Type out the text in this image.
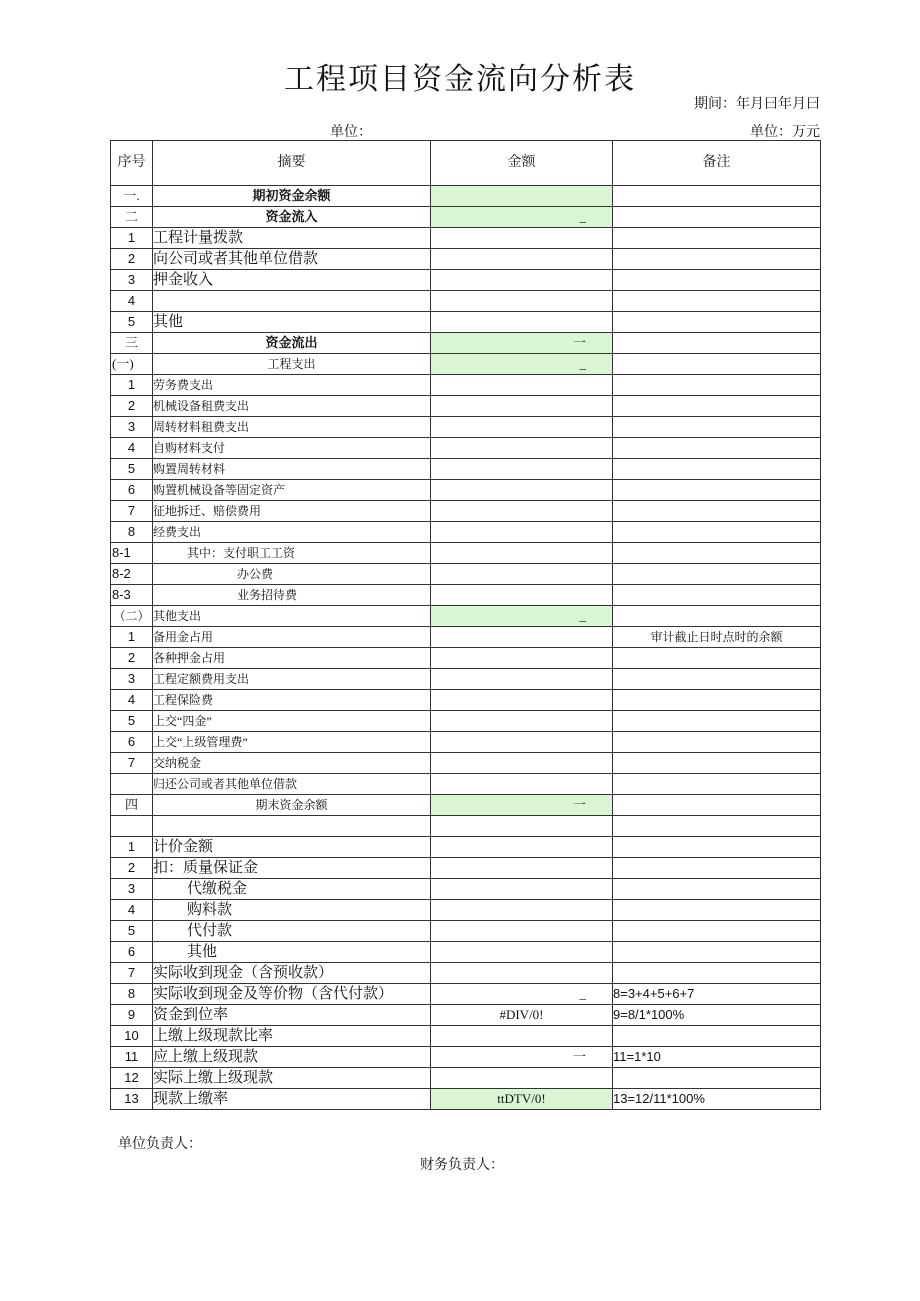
工程项目资金流向分析表
期间：年月曰年月曰
单位：	单位：万元
序号	摘要	金额	备注
一.	期初资金余额		
二	资金流入	_	
1	工程计量拨款		
2	向公司或者其他单位借款		
3	押金收入		
4			
5	其他		
三	资金流出	一	
(一)	工程支出	_	
1	劳务费支出		
2	机械设备租费支出		
3	周转材料租费支出		
4	自购材料支付		
5	购置周转材料		
6	购置机械设备等固定资产		
7	征地拆迁、赔偿费用		
8	经费支出		
8-1	其中：支付职工工资		
8-2	办公费		
8-3	业务招待费		
（二）	其他支出	_	
1	备用金占用		审计截止日时点时的余额
2	各种押金占用		
3	工程定额费用支出		
4	工程保险费		
5	上交“四金”		
6	上交“上级管理费”		
7	交纳税金		
	归还公司或者其他单位借款		
四	期末资金余额	一	

1	计价金额		
2	扣：质量保证金		
3	代缴税金		
4	购料款		
5	代付款		
6	其他		
7	实际收到现金（含预收款）		
8	实际收到现金及等价物（含代付款）	_	8=3+4+5+6+7
9	资金到位率	#DIV/0!	9=8/1*100%
10	上缴上级现款比率		
11	应上缴上级现款	一	11=1*10
12	实际上缴上级现款		
13	现款上缴率	ttDTV/0!	13=12/11*100%
单位负责人：
财务负责人：
